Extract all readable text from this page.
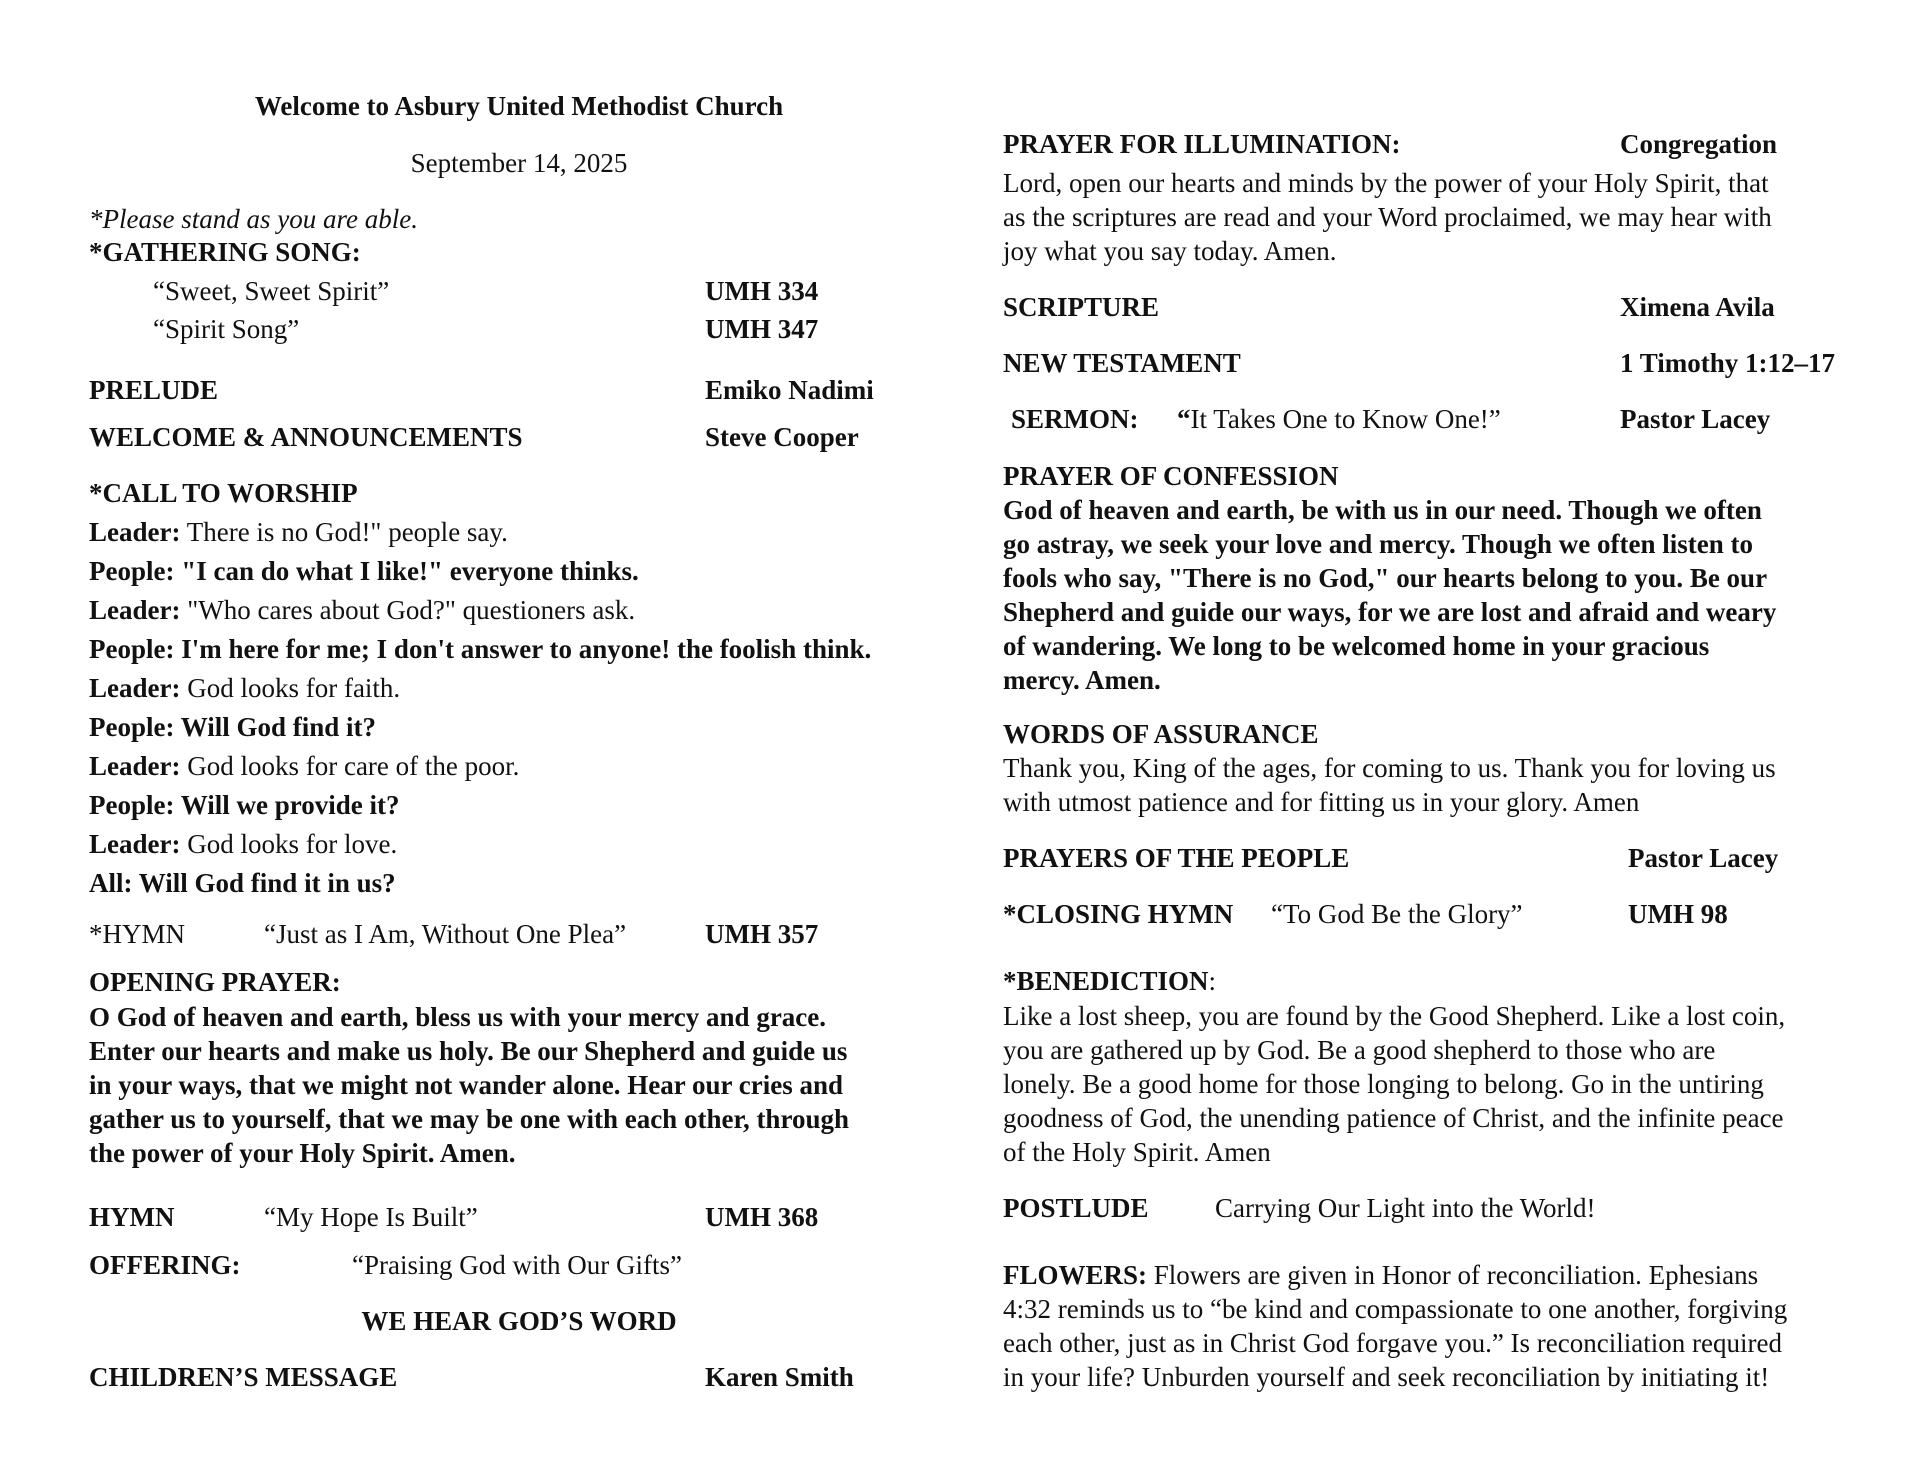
Welcome to Asbury United Methodist Church
September 14, 2025
*Please stand as you are able.
*GATHERING SONG:
“Sweet, Sweet Spirit”	UMH 334
“Spirit Song”	UMH 347
PRELUDE	Emiko Nadimi
WELCOME & ANNOUNCEMENTS	Steve Cooper
*CALL TO WORSHIP
Leader: There is no God!" people say.
People: "I can do what I like!" everyone thinks.
Leader: "Who cares about God?" questioners ask.
People: I'm here for me; I don't answer to anyone! the foolish think.
Leader: God looks for faith.
People: Will God find it?
Leader: God looks for care of the poor.
People: Will we provide it?
Leader: God looks for love.
All: Will God find it in us?
*HYMN	“Just as I Am, Without One Plea”	UMH 357
OPENING PRAYER:
O God of heaven and earth, bless us with your mercy and grace.
Enter our hearts and make us holy. Be our Shepherd and guide us
in your ways, that we might not wander alone. Hear our cries and
gather us to yourself, that we may be one with each other, through
the power of your Holy Spirit. Amen.
HYMN	“My Hope Is Built”	UMH 368
OFFERING:	“Praising God with Our Gifts”
WE HEAR GOD’S WORD
CHILDREN’S MESSAGE	Karen Smith
PRAYER FOR ILLUMINATION:	Congregation
Lord, open our hearts and minds by the power of your Holy Spirit, that
as the scriptures are read and your Word proclaimed, we may hear with
joy what you say today. Amen.
SCRIPTURE	Ximena Avila
NEW TESTAMENT	1 Timothy 1:12–17
SERMON: “It Takes One to Know One!”	Pastor Lacey
PRAYER OF CONFESSION
God of heaven and earth, be with us in our need. Though we often
go astray, we seek your love and mercy. Though we often listen to
fools who say, "There is no God," our hearts belong to you. Be our
Shepherd and guide our ways, for we are lost and afraid and weary
of wandering. We long to be welcomed home in your gracious
mercy. Amen.
WORDS OF ASSURANCE
Thank you, King of the ages, for coming to us. Thank you for loving us
with utmost patience and for fitting us in your glory. Amen
PRAYERS OF THE PEOPLE	Pastor Lacey
*CLOSING HYMN “To God Be the Glory”	UMH 98
*BENEDICTION:
Like a lost sheep, you are found by the Good Shepherd. Like a lost coin,
you are gathered up by God. Be a good shepherd to those who are
lonely. Be a good home for those longing to belong. Go in the untiring
goodness of God, the unending patience of Christ, and the infinite peace
of the Holy Spirit. Amen
POSTLUDE Carrying Our Light into the World!
FLOWERS: Flowers are given in Honor of reconciliation. Ephesians
4:32 reminds us to “be kind and compassionate to one another, forgiving
each other, just as in Christ God forgave you.” Is reconciliation required
in your life? Unburden yourself and seek reconciliation by initiating it!
